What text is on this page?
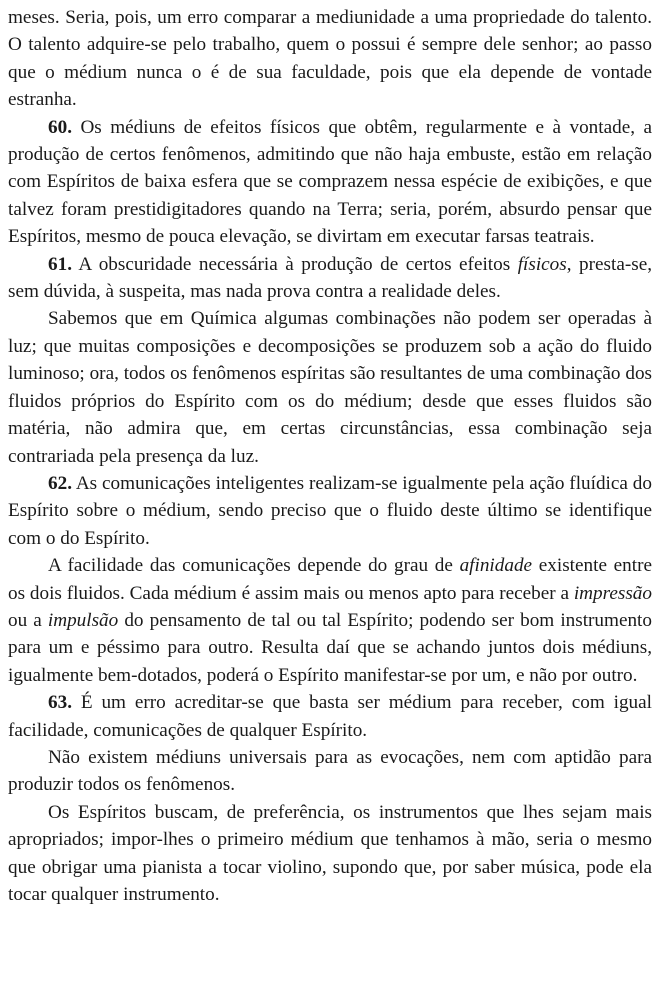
meses. Seria, pois, um erro comparar a mediunidade a uma propriedade do talento. O talento adquire-se pelo trabalho, quem o possui é sempre dele senhor; ao passo que o médium nunca o é de sua faculdade, pois que ela depende de vontade estranha.

60. Os médiuns de efeitos físicos que obtêm, regularmente e à vontade, a produção de certos fenômenos, admitindo que não haja embuste, estão em relação com Espíritos de baixa esfera que se comprazem nessa espécie de exibições, e que talvez foram prestidigitadores quando na Terra; seria, porém, absurdo pensar que Espíritos, mesmo de pouca elevação, se divirtam em executar farsas teatrais.

61. A obscuridade necessária à produção de certos efeitos físicos, presta-se, sem dúvida, à suspeita, mas nada prova contra a realidade deles.

Sabemos que em Química algumas combinações não podem ser operadas à luz; que muitas composições e decomposições se produzem sob a ação do fluido luminoso; ora, todos os fenômenos espíritas são resultantes de uma combinação dos fluidos próprios do Espírito com os do médium; desde que esses fluidos são matéria, não admira que, em certas circunstâncias, essa combinação seja contrariada pela presença da luz.

62. As comunicações inteligentes realizam-se igualmente pela ação fluídica do Espírito sobre o médium, sendo preciso que o fluido deste último se identifique com o do Espírito.

A facilidade das comunicações depende do grau de afinidade existente entre os dois fluidos. Cada médium é assim mais ou menos apto para receber a impressão ou a impulsão do pensamento de tal ou tal Espírito; podendo ser bom instrumento para um e péssimo para outro. Resulta daí que se achando juntos dois médiuns, igualmente bem-dotados, poderá o Espírito manifestar-se por um, e não por outro.

63. É um erro acreditar-se que basta ser médium para receber, com igual facilidade, comunicações de qualquer Espírito.

Não existem médiuns universais para as evocações, nem com aptidão para produzir todos os fenômenos.

Os Espíritos buscam, de preferência, os instrumentos que lhes sejam mais apropriados; impor-lhes o primeiro médium que tenhamos à mão, seria o mesmo que obrigar uma pianista a tocar violino, supondo que, por saber música, pode ela tocar qualquer instrumento.
